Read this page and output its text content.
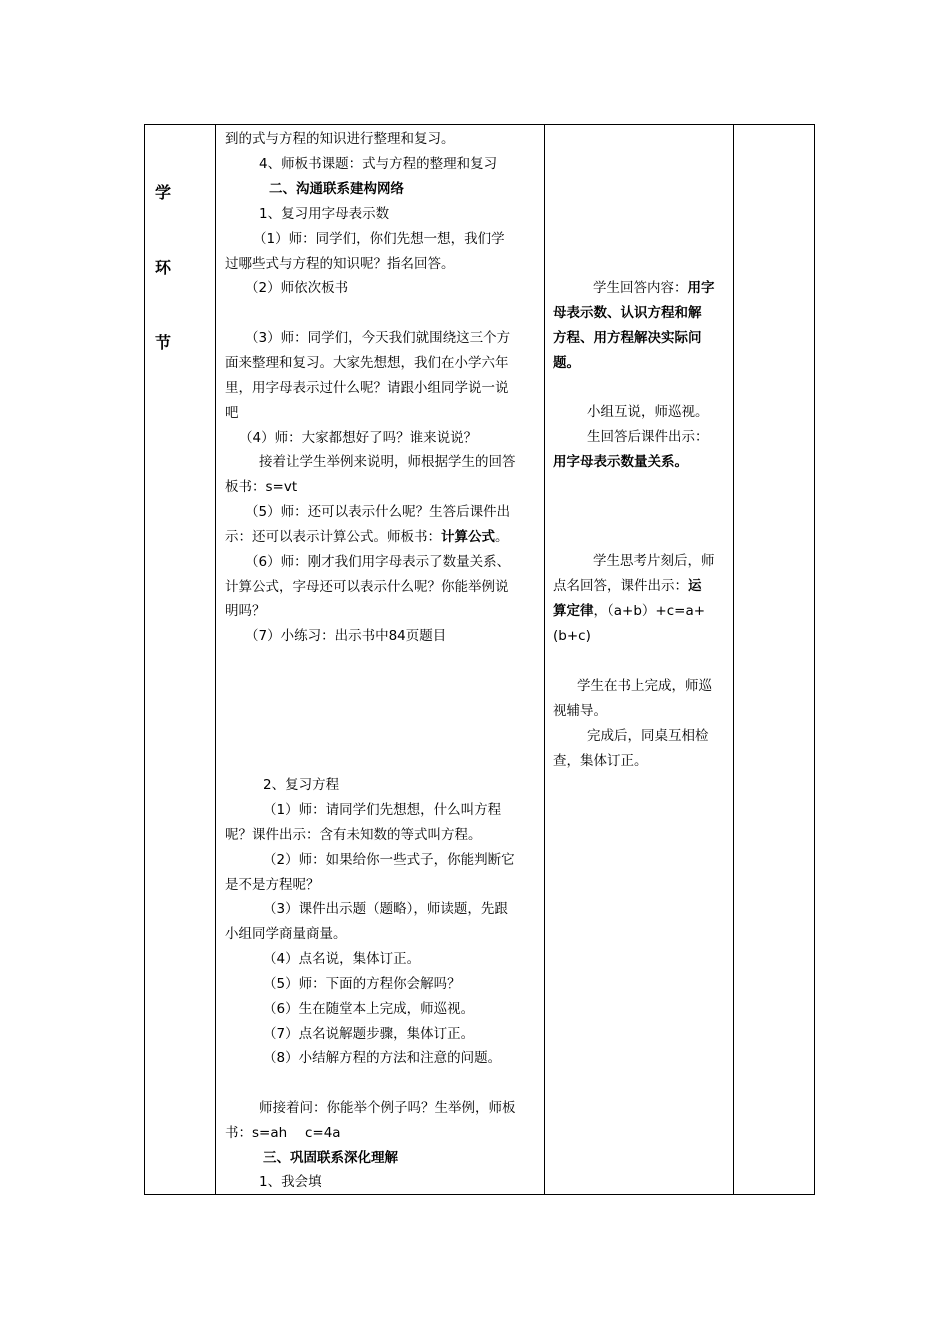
学
环
节
到的式与方程的知识进行整理和复习。
4、师板书课题：式与方程的整理和复习
二、沟通联系建构网络
1、复习用字母表示数
（1）师：同学们，你们先想一想，我们学
过哪些式与方程的知识呢？指名回答。
（2）师依次板书
（3）师：同学们，今天我们就围绕这三个方
面来整理和复习。大家先想想，我们在小学六年
里，用字母表示过什么呢？请跟小组同学说一说
吧
（4）师：大家都想好了吗？谁来说说？
接着让学生举例来说明，师根据学生的回答
板书：s=vt
（5）师：还可以表示什么呢？生答后课件出
示：还可以表示计算公式。师板书：计算公式。
（6）师：刚才我们用字母表示了数量关系、
计算公式，字母还可以表示什么呢？你能举例说
明吗？
（7）小练习：出示书中84页题目
2、复习方程
（1）师：请同学们先想想，什么叫方程
呢？课件出示：含有未知数的等式叫方程。
（2）师：如果给你一些式子，你能判断它
是不是方程呢？
（3）课件出示题（题略），师读题，先跟
小组同学商量商量。
（4）点名说，集体订正。
（5）师：下面的方程你会解吗？
（6）生在随堂本上完成，师巡视。
（7）点名说解题步骤，集体订正。
（8）小结解方程的方法和注意的问题。
师接着问：你能举个例子吗？生举例，师板
书：s=ah　 c=4a
三、巩固联系深化理解
1、我会填
学生回答内容：用字
母表示数、认识方程和解
方程、用方程解决实际问
题。
小组互说，师巡视。
生回答后课件出示：
用字母表示数量关系。
学生思考片刻后，师
点名回答，课件出示：运
算定律，（a+b）+c=a+
(b+c)
学生在书上完成，师巡
视辅导。
完成后，同桌互相检
查，集体订正。
